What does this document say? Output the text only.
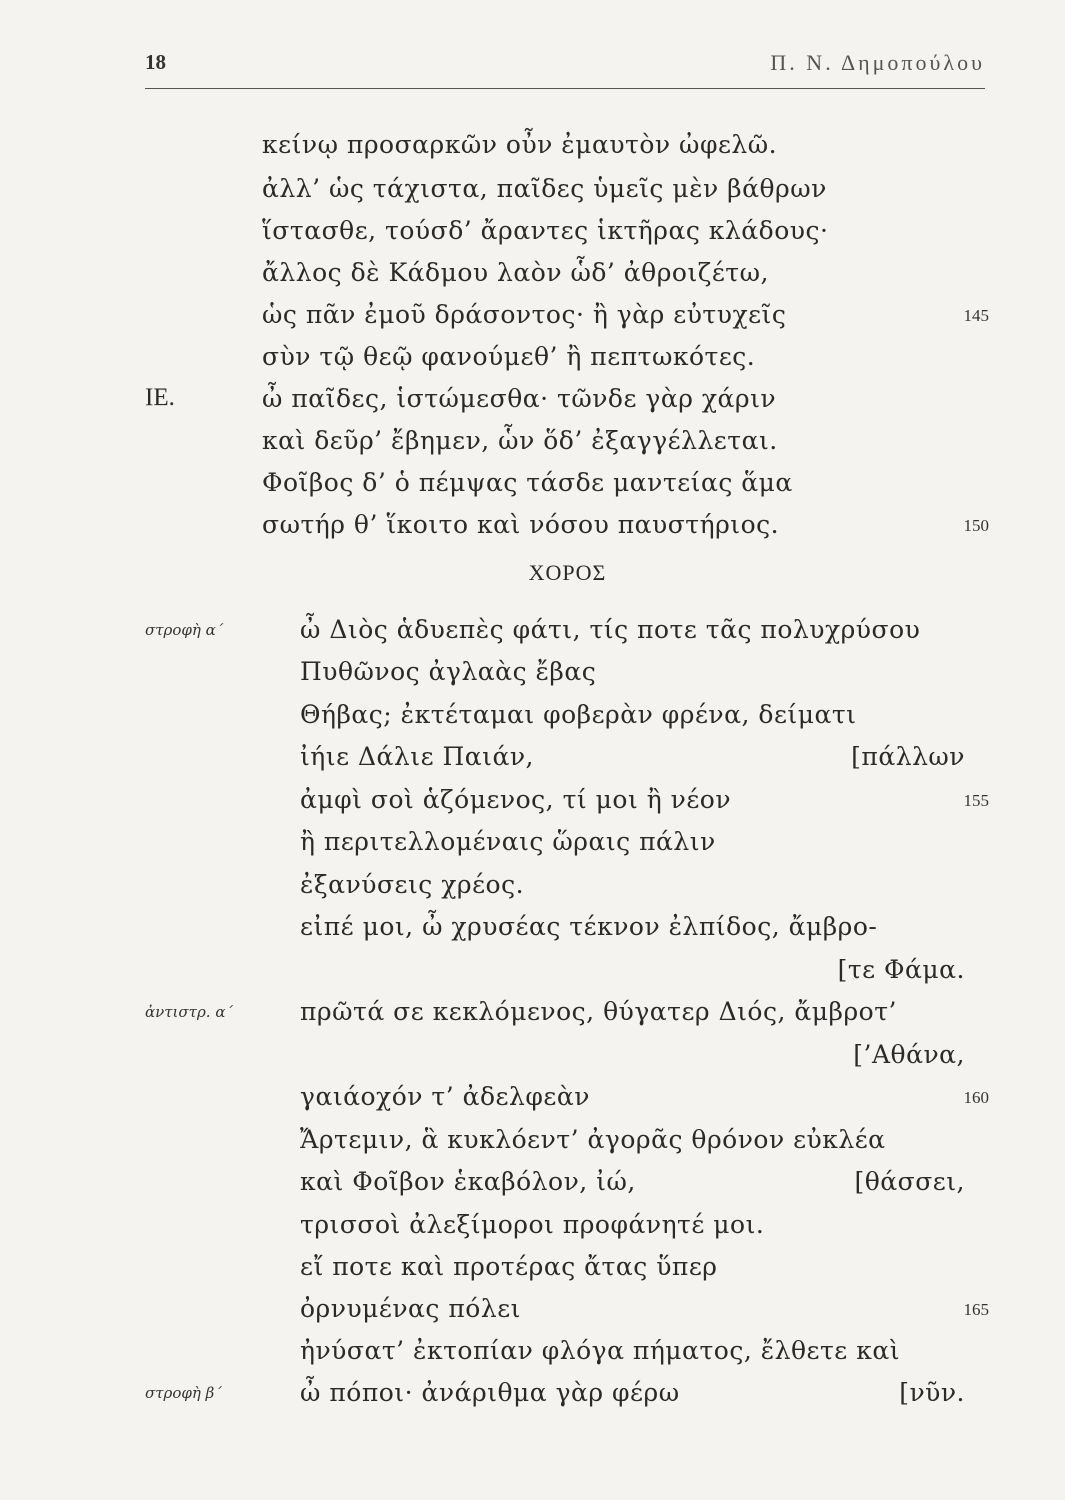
18	Π. Ν. Δημοπούλου
ΧΟΡΟΣ
κείνῳ προσαρκῶν οὖν ἐμαυτὸν ὠφελῶ.
ἀλλ’ ὡς τάχιστα, παῖδες ὑμεῖς μὲν βάθρων
ἵστασθε, τούσδ’ ἄραντες ἱκτῆρας κλάδους·
ἄλλος δὲ Κάδμου λαὸν ὧδ’ ἀθροιζέτω,
ὡς πᾶν ἐμοῦ δράσοντος· ἢ γὰρ εὐτυχεῖς	145
σὺν τῷ θεῷ φανούμεθ’ ἢ πεπτωκότες.
ὦ παῖδες, ἱστώμεσθα· τῶνδε γὰρ χάριν
ΙΕ.
καὶ δεῦρ’ ἔβημεν, ὧν ὅδ’ ἐξαγγέλλεται.
Φοῖβος δ’ ὁ πέμψας τάσδε μαντείας ἅμα
σωτήρ θ’ ἵκοιτο καὶ νόσου παυστήριος.	150
ὦ Διὸς ἁδυεπὲς φάτι, τίς ποτε τᾶς πολυχρύσου
στροφὴ α΄
Πυθῶνος ἀγλαὰς ἔβας
Θήβας; ἐκτέταμαι φοβερὰν φρένα, δείματι
ἰήιε Δάλιε Παιάν,	[πάλλων
ἀμφὶ σοὶ ἁζόμενος, τί μοι ἢ νέον	155
ἢ περιτελλομέναις ὥραις πάλιν
ἐξανύσεις χρέος.
εἰπέ μοι, ὦ χρυσέας τέκνον ἐλπίδος, ἄμβρο-
[τε Φάμα.
πρῶτά σε κεκλόμενος, θύγατερ Διός, ἄμβροτ’
ἀντιστρ. α΄
[’Αθάνα,
γαιάοχόν τ’ ἀδελφεὰν	160
Ἄρτεμιν, ἃ κυκλόεντ’ ἀγορᾶς θρόνον εὐκλέα
καὶ Φοῖβον ἑκαβόλον, ἰώ,	[θάσσει,
τρισσοὶ ἀλεξίμοροι προφάνητέ μοι.
εἴ ποτε καὶ προτέρας ἄτας ὕπερ
ὀρνυμένας πόλει	165
ἠνύσατ’ ἐκτοπίαν φλόγα πήματος, ἔλθετε καὶ
ὦ πόποι· ἀνάριθμα γὰρ φέρω	[νῦν.
στροφὴ β΄
